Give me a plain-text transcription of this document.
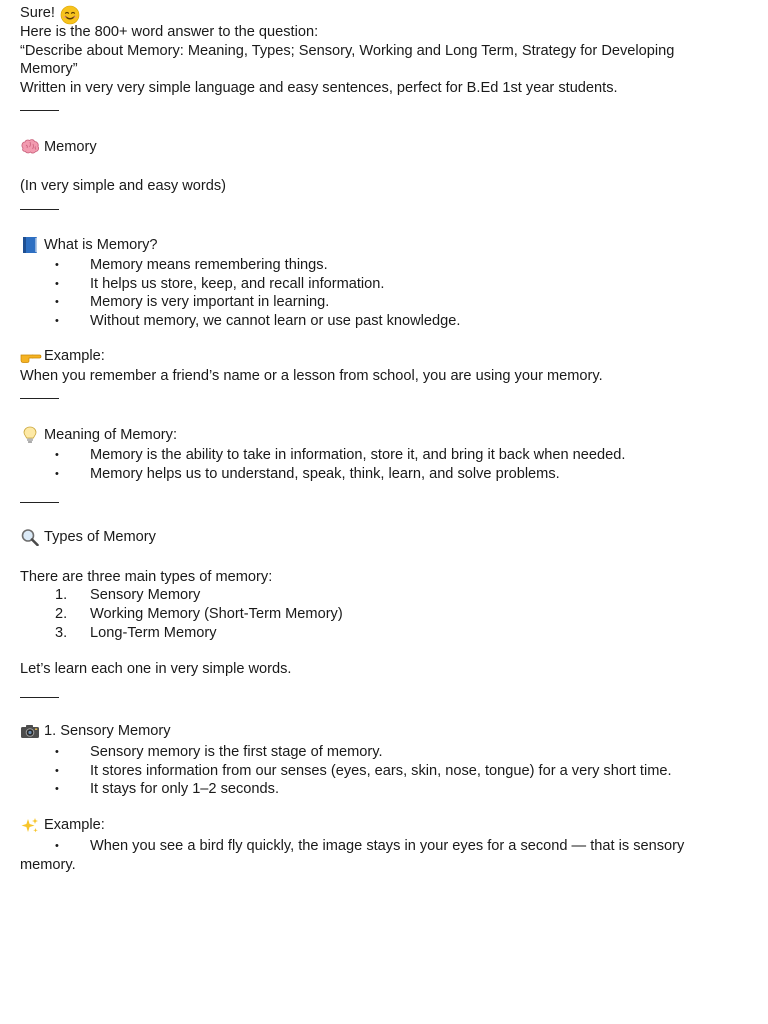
Sure!
Here is the 800+ word answer to the question:
“Describe about Memory: Meaning, Types; Sensory, Working and Long Term, Strategy for Developing
Memory”
Written in very very simple language and easy sentences, perfect for B.Ed 1st year students.
Memory
(In very simple and easy words)
What is Memory?
• Memory means remembering things.
• It helps us store, keep, and recall information.
• Memory is very important in learning.
• Without memory, we cannot learn or use past knowledge.
Example:
When you remember a friend’s name or a lesson from school, you are using your memory.
Meaning of Memory:
• Memory is the ability to take in information, store it, and bring it back when needed.
• Memory helps us to understand, speak, think, learn, and solve problems.
Types of Memory
There are three main types of memory:
1. Sensory Memory
2. Working Memory (Short-Term Memory)
3. Long-Term Memory
Let’s learn each one in very simple words.
1. Sensory Memory
• Sensory memory is the first stage of memory.
• It stores information from our senses (eyes, ears, skin, nose, tongue) for a very short time.
• It stays for only 1–2 seconds.
Example:
• When you see a bird fly quickly, the image stays in your eyes for a second — that is sensory
memory.
